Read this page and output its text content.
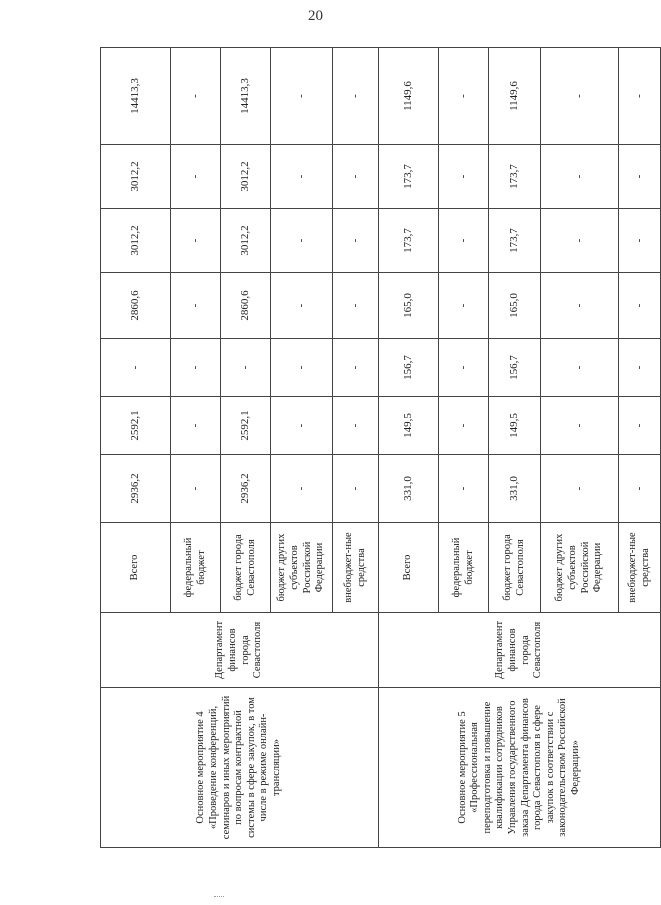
20
Основное мероприятие 4 «Проведение конференций, семинаров и иных мероприятий по вопросам контрактной системы в сфере закупок, в том числе в режиме онлайн-трансляции»	Департамент финансов города Севастополя	Всего	2936,2	2592,1	-	2860,6	3012,2	3012,2	14413,3
		федеральный бюджет	-	-	-	-	-	-	-
		бюджет города Севастополя	2936,2	2592,1	-	2860,6	3012,2	3012,2	14413,3
		бюджет других субъектов Российской Федерации	-	-	-	-	-	-	-
		внебюджет-ные средства	-	-	-	-	-	-	-
Основное мероприятие 5 «Профессиональная переподготовка и повышение квалификации сотрудников Управления государственного заказа Департамента финансов города Севастополя в сфере закупок в соответствии с законодательством Российской Федерации»	Департамент финансов города Севастополя	Всего	331,0	149,5	156,7	165,0	173,7	173,7	1149,6
		федеральный бюджет	-	-	-	-	-	-	-
		бюджет города Севастополя	331,0	149,5	156,7	165,0	173,7	173,7	1149,6
		бюджет других субъектов Российской Федерации	-	-	-	-	-	-	-
		внебюджет-ные средства	-	-	-	-	-	-	-
